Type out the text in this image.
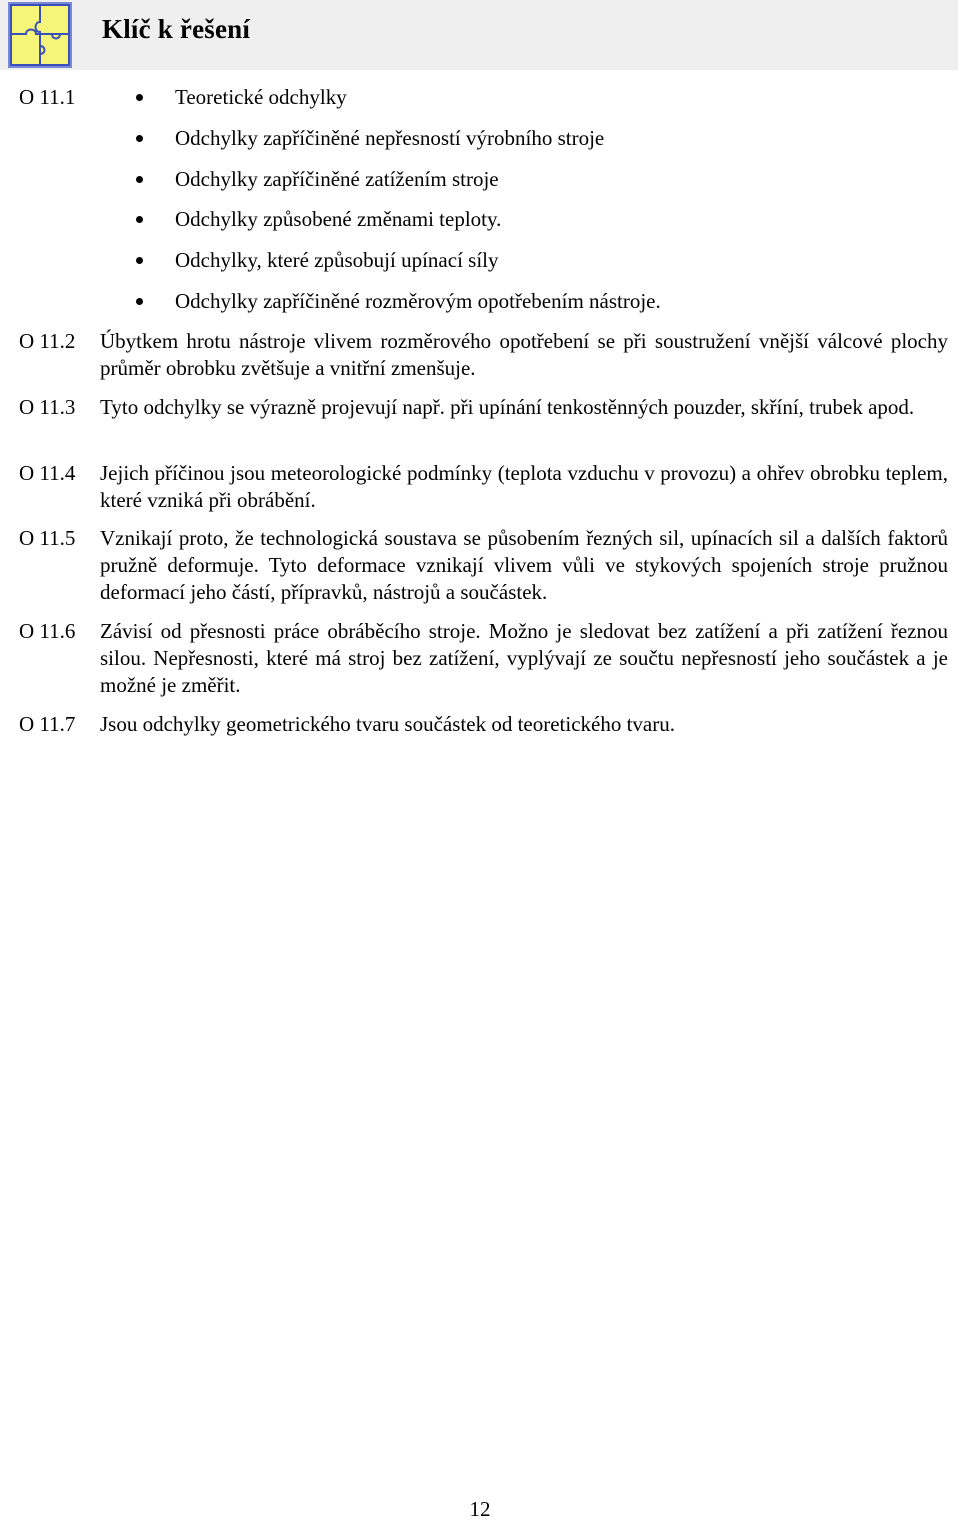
Klíč k řešení
O 11.1	Teoretické odchylky
Odchylky zapříčiněné nepřesností výrobního stroje
Odchylky zapříčiněné zatížením stroje
Odchylky způsobené změnami teploty.
Odchylky, které způsobují upínací síly
Odchylky zapříčiněné rozměrovým opotřebením nástroje.
O 11.2 Úbytkem hrotu nástroje vlivem rozměrového opotřebení se při soustružení vnější válcové plochy průměr obrobku zvětšuje a vnitřní zmenšuje.

O 11.3 Tyto odchylky se výrazně projevují např. při upínání tenkostěnných pouzder, skříní, trubek apod.

O 11.4 Jejich příčinou jsou meteorologické podmínky (teplota vzduchu v provozu) a ohřev obrobku teplem, které vzniká při obrábění.

O 11.5 Vznikají proto, že technologická soustava se působením řezných sil, upínacích sil a dalších faktorů pružně deformuje. Tyto deformace vznikají vlivem vůli ve stykových spojeních stroje pružnou deformací jeho částí, přípravků, nástrojů a součástek.

O 11.6 Závisí od přesnosti práce obráběcího stroje. Možno je sledovat bez zatížení a při zatížení řeznou silou. Nepřesnosti, které má stroj bez zatížení, vyplývají ze součtu nepřesností jeho součástek a je možné je změřit.

O 11.7 Jsou odchylky geometrického tvaru součástek od teoretického tvaru.

12
